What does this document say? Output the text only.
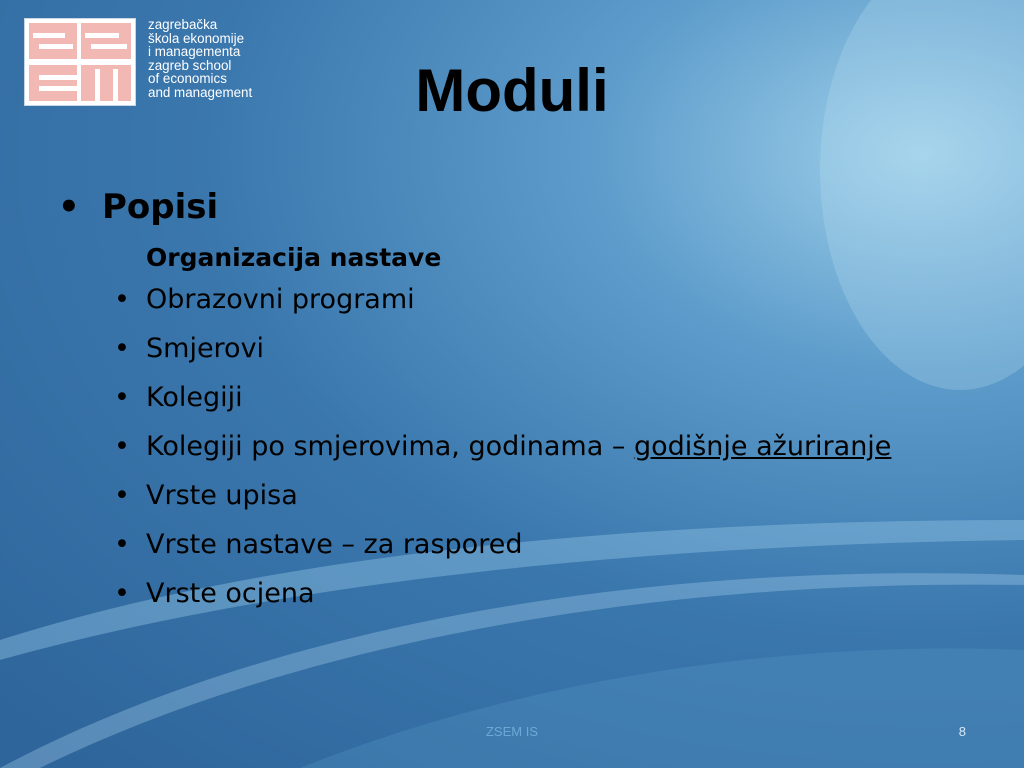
zagrebačka
škola ekonomije
i managementa
zagreb school
of economics
and management	Moduli
• Popisi
Organizacija nastave
• Obrazovni programi
• Smjerovi
• Kolegiji
• Kolegiji po smjerovima, godinama – godišnje ažuriranje
• Vrste upisa
• Vrste nastave – za raspored
• Vrste ocjena
ZSEM IS	8
